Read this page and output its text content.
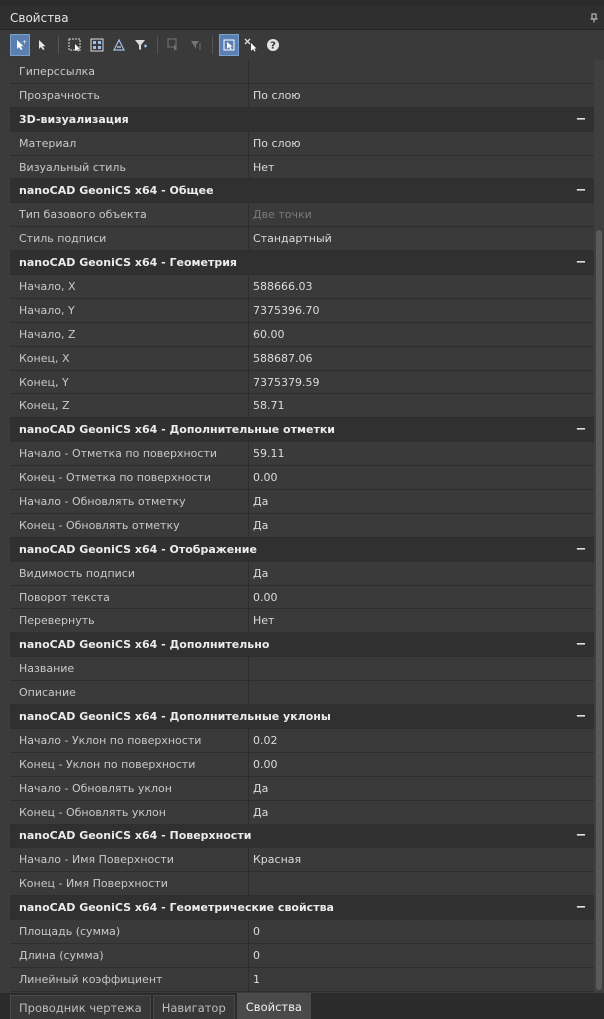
Свойства
+	?
Гиперссылка
Прозрачность	По слою
3D-визуализация	−
Материал	По слою
Визуальный стиль	Нет
nanoCAD GeoniCS x64 - Общее	−
Тип базового объекта	Две точки
Стиль подписи	Стандартный
nanoCAD GeoniCS x64 - Геометрия	−
Начало, X	588666.03
Начало, Y	7375396.70
Начало, Z	60.00
Конец, X	588687.06
Конец, Y	7375379.59
Конец, Z	58.71
nanoCAD GeoniCS x64 - Дополнительные отметки	−
Начало - Отметка по поверхности	59.11
Конец - Отметка по поверхности	0.00
Начало - Обновлять отметку	Да
Конец - Обновлять отметку	Да
nanoCAD GeoniCS x64 - Отображение	−
Видимость подписи	Да
Поворот текста	0.00
Перевернуть	Нет
nanoCAD GeoniCS x64 - Дополнительно	−
Название
Описание
nanoCAD GeoniCS x64 - Дополнительные уклоны	−
Начало - Уклон по поверхности	0.02
Конец - Уклон по поверхности	0.00
Начало - Обновлять уклон	Да
Конец - Обновлять уклон	Да
nanoCAD GeoniCS x64 - Поверхности	−
Начало - Имя Поверхности	Красная
Конец - Имя Поверхности
nanoCAD GeoniCS x64 - Геометрические свойства	−
Площадь (сумма)	0
Длина (сумма)	0
Линейный коэффициент	1
Проводник чертежа	Навигатор	Свойства
